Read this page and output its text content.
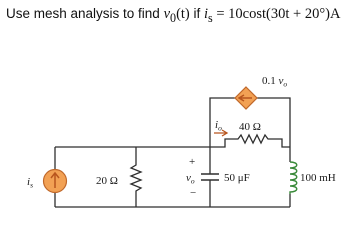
Use mesh analysis to find $v_0(t)$ if $i_s = 10\cos t(30t + 20^\circ)A$
$i_s$	20 Ω	50 μF
+
$v_o$
−
$i_o$ 40 Ω
0.1 $v_o$
100 mH
